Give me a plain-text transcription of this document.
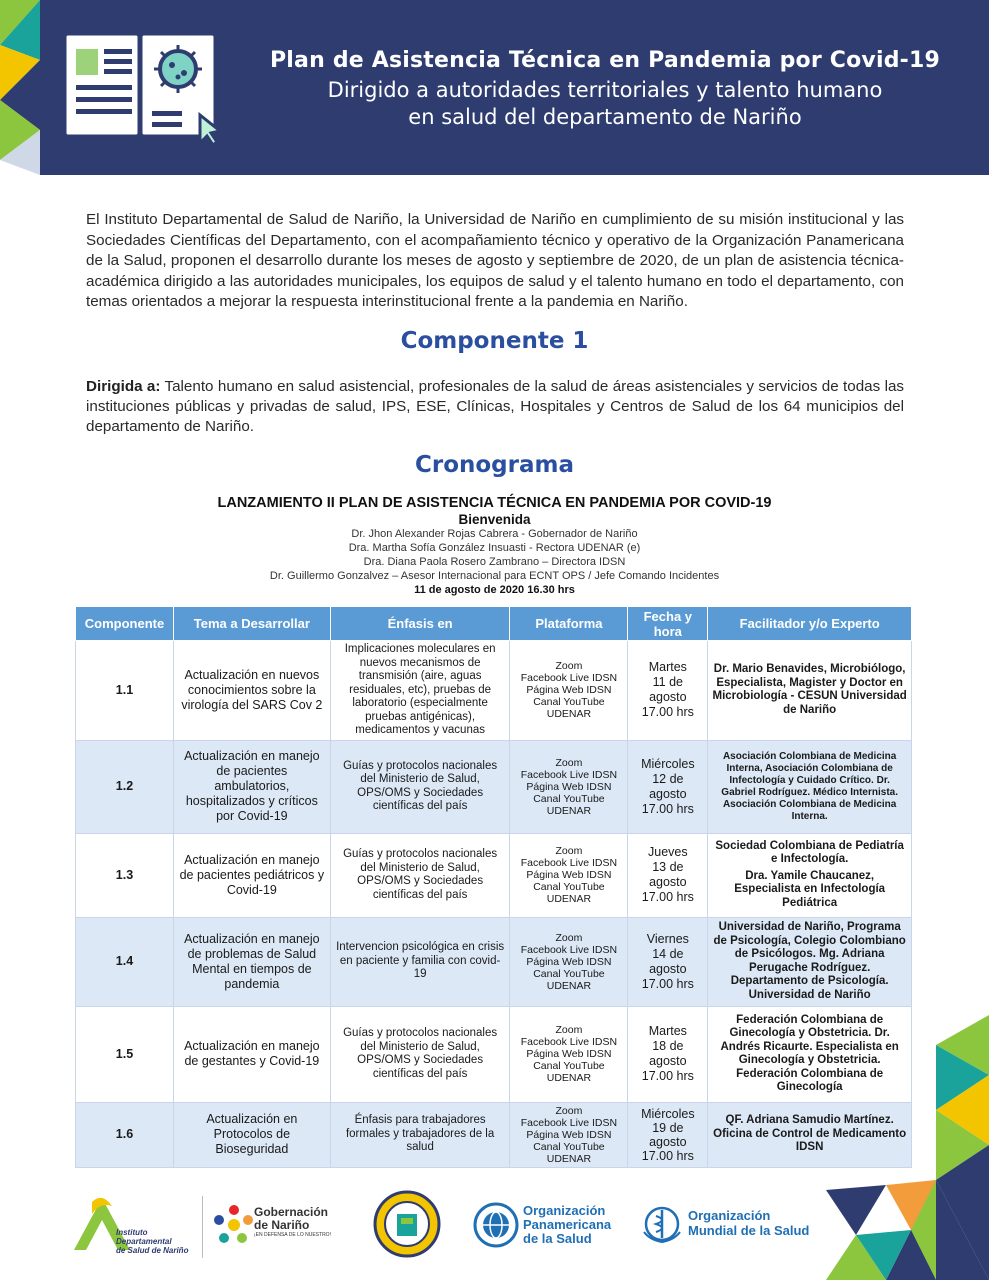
Plan de Asistencia Técnica en Pandemia por Covid-19
Dirigido a autoridades territoriales y talento humano
en salud del departamento de Nariño

El Instituto Departamental de Salud de Nariño, la Universidad de Nariño en cumplimiento de su misión institucional y las Sociedades Científicas del Departamento, con el acompañamiento técnico y operativo de la Organización Panamericana de la Salud, proponen el desarrollo durante los meses de agosto y septiembre de 2020, de un plan de asistencia técnica-académica dirigido a las autoridades municipales, los equipos de salud y el talento humano en todo el departamento, con temas orientados a mejorar la respuesta interinstitucional frente a la pandemia en Nariño.

Componente 1

Dirigida a: Talento humano en salud asistencial, profesionales de la salud de áreas asistenciales y servicios de todas las instituciones públicas y privadas de salud, IPS, ESE, Clínicas, Hospitales y Centros de Salud de los 64 municipios del departamento de Nariño.

Cronograma
LANZAMIENTO II PLAN DE ASISTENCIA TÉCNICA EN PANDEMIA POR COVID-19
Bienvenida
Dr. Jhon Alexander Rojas Cabrera - Gobernador de Nariño
Dra. Martha Sofía González Insuasti - Rectora UDENAR (e)
Dra. Diana Paola Rosero Zambrano – Directora IDSN
Dr. Guillermo Gonzalvez – Asesor Internacional para ECNT OPS / Jefe Comando Incidentes
11 de agosto de 2020 16.30 hrs
Componente	Tema a Desarrollar	Énfasis en	Plataforma	Fecha y
hora	Facilitador y/o Experto
1.1	Actualización en nuevos conocimientos sobre la virología del SARS Cov 2	Implicaciones moleculares en nuevos mecanismos de transmisión (aire, aguas residuales, etc), pruebas de laboratorio (especialmente pruebas antigénicas), medicamentos y vacunas	Zoom
Facebook Live IDSN
Página Web IDSN
Canal YouTube
UDENAR	Martes
11 de
agosto
17.00 hrs	Dr. Mario Benavides, Microbiólogo, Especialista, Magister y Doctor en Microbiología - CESUN Universidad de Nariño
1.2	Actualización en manejo de pacientes ambulatorios, hospitalizados y críticos por Covid-19	Guías y protocolos nacionales del Ministerio de Salud, OPS/OMS y Sociedades científicas del país	Zoom
Facebook Live IDSN
Página Web IDSN
Canal YouTube
UDENAR	Miércoles
12 de
agosto
17.00 hrs	Asociación Colombiana de Medicina Interna, Asociación Colombiana de Infectología y Cuidado Crítico. Dr. Gabriel Rodríguez. Médico Internista. Asociación Colombiana de Medicina Interna.
1.3	Actualización en manejo de pacientes pediátricos y Covid-19	Guías y protocolos nacionales del Ministerio de Salud, OPS/OMS y Sociedades científicas del país	Zoom
Facebook Live IDSN
Página Web IDSN
Canal YouTube
UDENAR	Jueves
13 de
agosto
17.00 hrs	Sociedad Colombiana de Pediatría e Infectología.
Dra. Yamile Chaucanez, Especialista en Infectología Pediátrica

1.4	Actualización en manejo de problemas de Salud Mental en tiempos de pandemia	Intervencion psicológica en crisis en paciente y familia con covid-19	Zoom
Facebook Live IDSN
Página Web IDSN
Canal YouTube
UDENAR	Viernes
14 de
agosto
17.00 hrs	Universidad de Nariño, Programa de Psicología, Colegio Colombiano de Psicólogos. Mg. Adriana Perugache Rodríguez. Departamento de Psicología. Universidad de Nariño
1.5	Actualización en manejo de gestantes y Covid-19	Guías y protocolos nacionales del Ministerio de Salud, OPS/OMS y Sociedades científicas del país	Zoom
Facebook Live IDSN
Página Web IDSN
Canal YouTube
UDENAR	Martes
18 de
agosto
17.00 hrs	Federación Colombiana de Ginecología y Obstetricia. Dr. Andrés Ricaurte. Especialista en Ginecología y Obstetricia. Federación Colombiana de Ginecología
1.6	Actualización en Protocolos de Bioseguridad	Énfasis para trabajadores formales y trabajadores de la salud	Zoom
Facebook Live IDSN
Página Web IDSN
Canal YouTube
UDENAR	Miércoles
19 de
agosto
17.00 hrs	QF. Adriana Samudio Martínez. Oficina de Control de Medicamento IDSN
Instituto
Departamental
de Salud de Nariño
Gobernación
de Nariño
¡EN DEFENSA DE LO NUESTRO!
Organización
Panamericana
de la Salud
Organización
Mundial de la Salud
